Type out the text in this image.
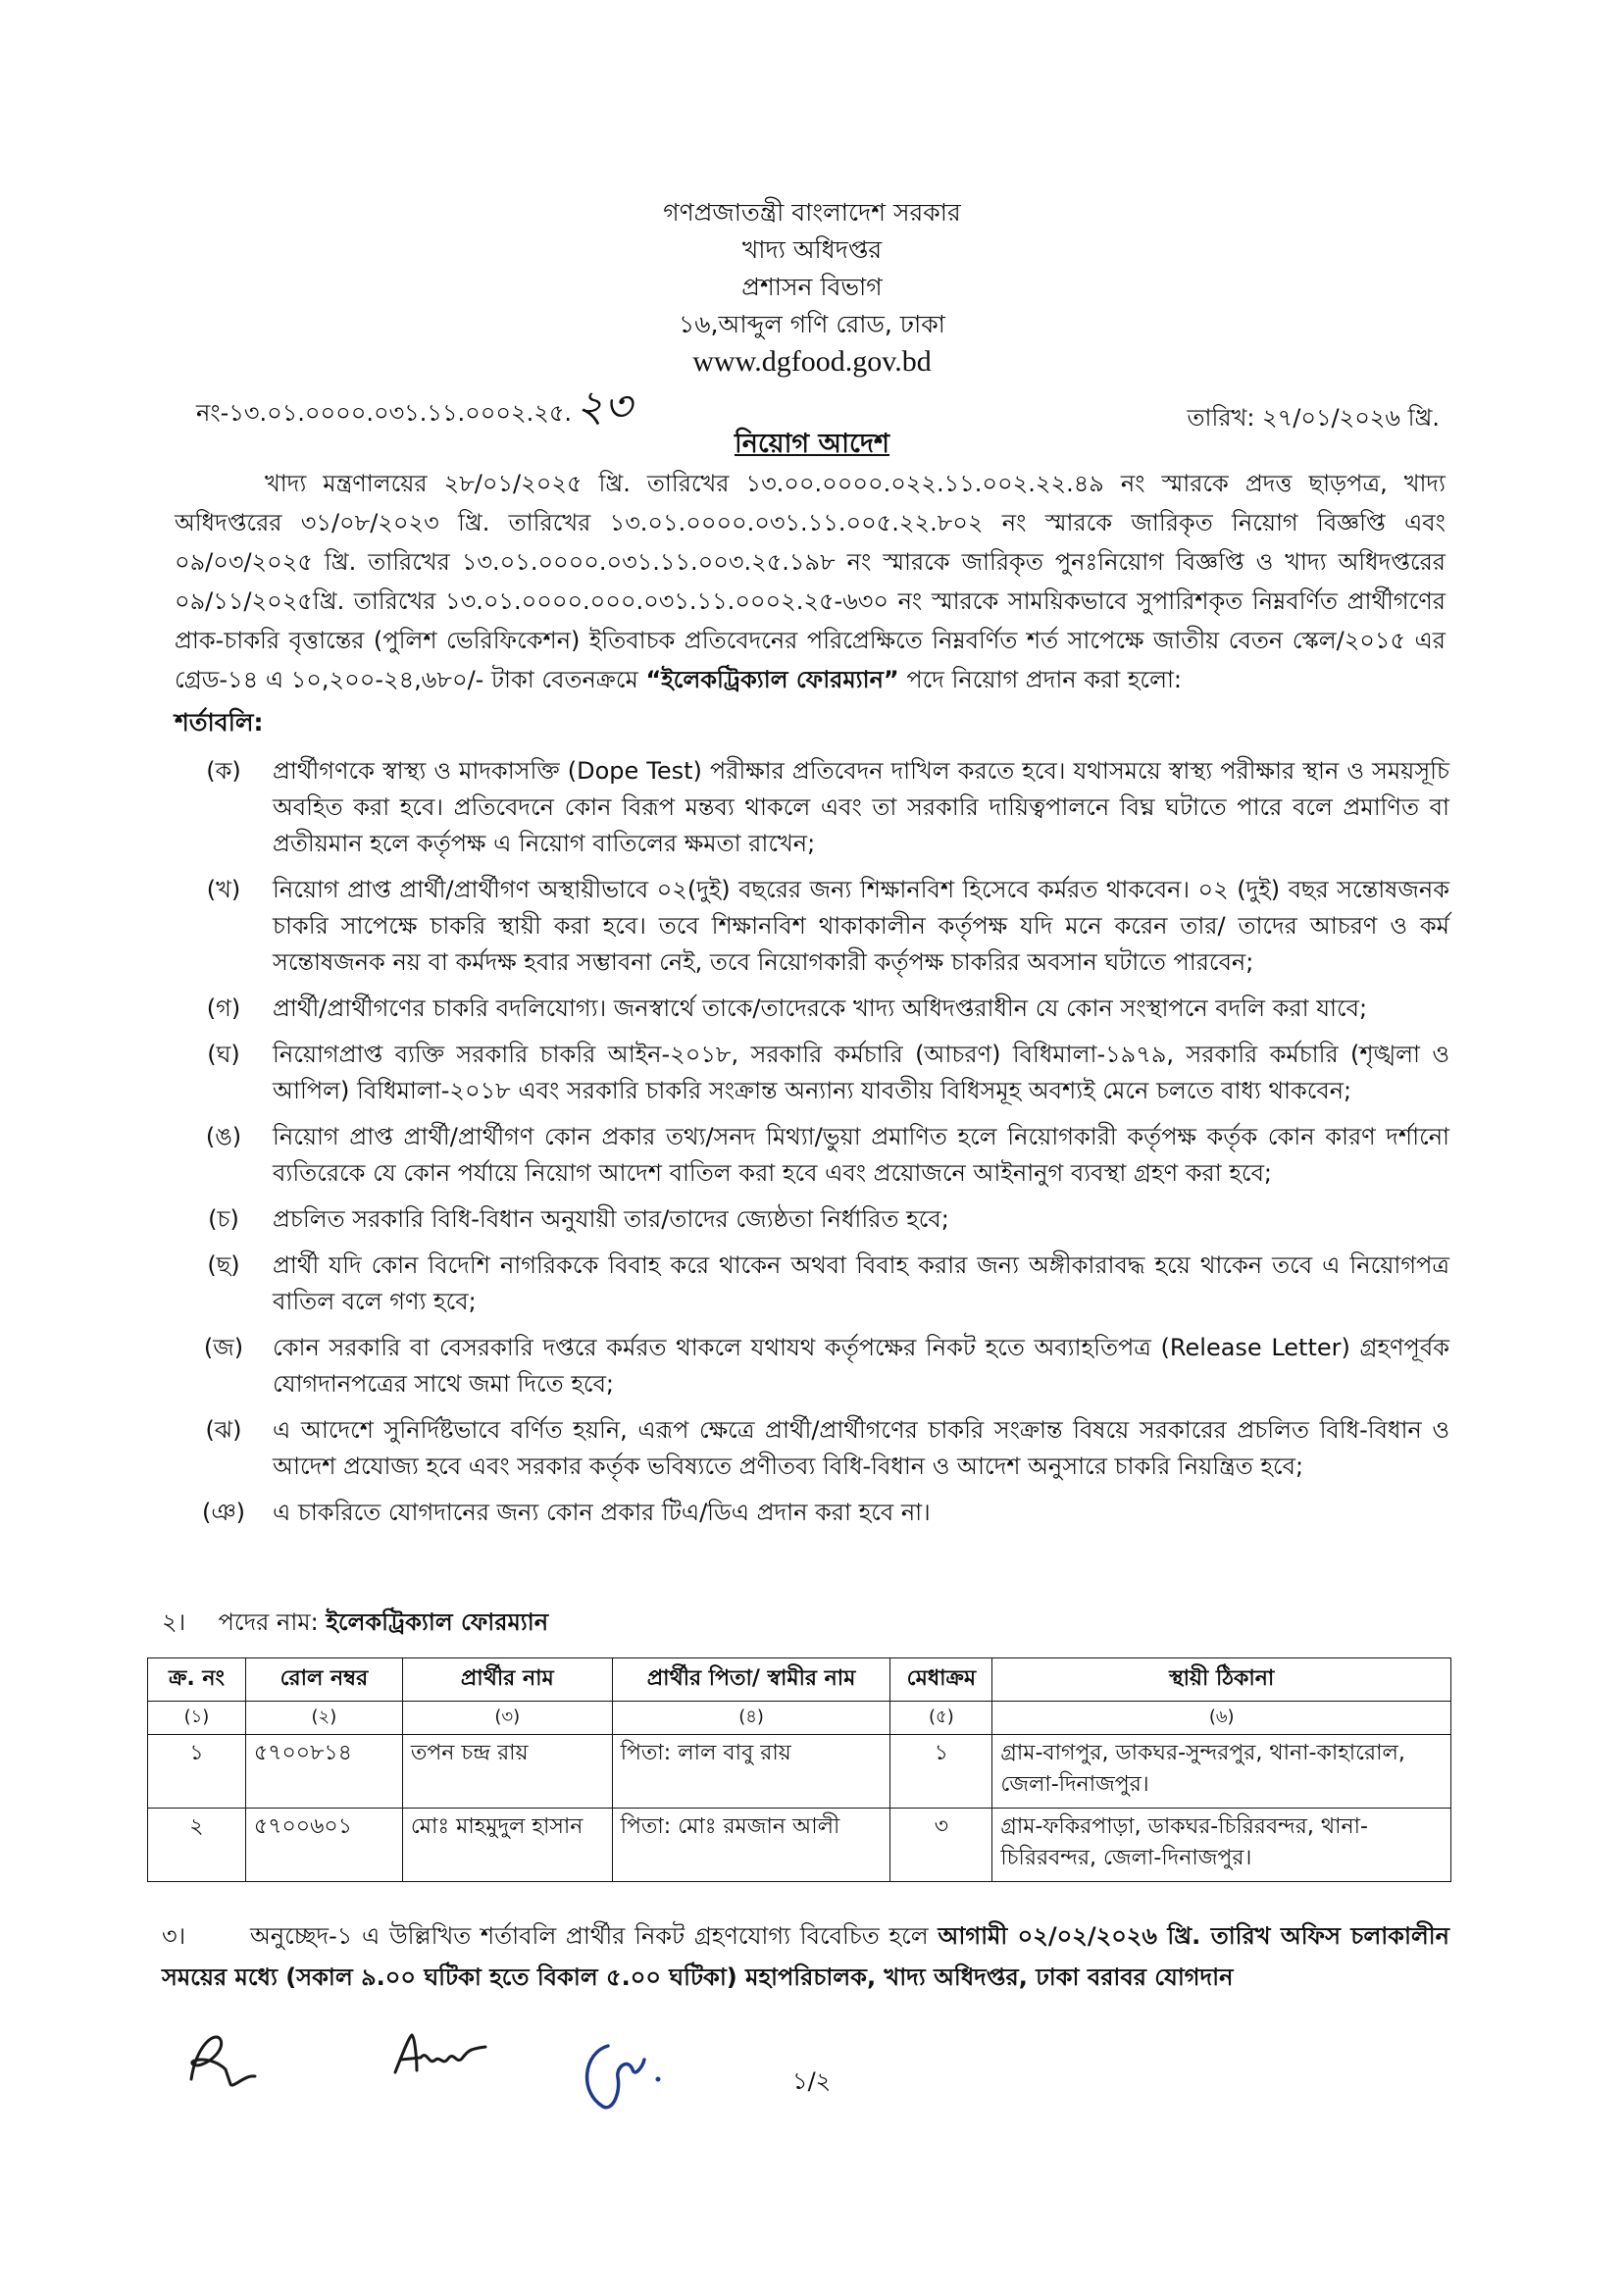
গণপ্রজাতন্ত্রী বাংলাদেশ সরকার
খাদ্য অধিদপ্তর
প্রশাসন বিভাগ
১৬,আব্দুল গণি রোড, ঢাকা
www.dgfood.gov.bd
নং-১৩.০১.০০০০.০৩১.১১.০০০২.২৫.২৩	তারিখ: ২৭/০১/২০২৬ খ্রি.
নিয়োগ আদেশ
খাদ্য মন্ত্রণালয়ের ২৮/০১/২০২৫ খ্রি. তারিখের ১৩.০০.০০০০.০২২.১১.০০২.২২.৪৯ নং স্মারকে প্রদত্ত ছাড়পত্র, খাদ্য অধিদপ্তরের ৩১/০৮/২০২৩ খ্রি. তারিখের ১৩.০১.০০০০.০৩১.১১.০০৫.২২.৮০২ নং স্মারকে জারিকৃত নিয়োগ বিজ্ঞপ্তি এবং ০৯/০৩/২০২৫ খ্রি. তারিখের ১৩.০১.০০০০.০৩১.১১.০০৩.২৫.১৯৮ নং স্মারকে জারিকৃত পুনঃনিয়োগ বিজ্ঞপ্তি ও খাদ্য অধিদপ্তরের ০৯/১১/২০২৫খ্রি. তারিখের ১৩.০১.০০০০.০০০.০৩১.১১.০০০২.২৫-৬৩০ নং স্মারকে সাময়িকভাবে সুপারিশকৃত নিম্নবর্ণিত প্রার্থীগণের প্রাক-চাকরি বৃত্তান্তের (পুলিশ ভেরিফিকেশন) ইতিবাচক প্রতিবেদনের পরিপ্রেক্ষিতে নিম্নবর্ণিত শর্ত সাপেক্ষে জাতীয় বেতন স্কেল/২০১৫ এর গ্রেড-১৪ এ ১০,২০০-২৪,৬৮০/- টাকা বেতনক্রমে “ইলেকট্রিক্যাল ফোরম্যান” পদে নিয়োগ প্রদান করা হলো:
শর্তাবলি:
(ক)	প্রার্থীগণকে স্বাস্থ্য ও মাদকাসক্তি (Dope Test) পরীক্ষার প্রতিবেদন দাখিল করতে হবে। যথাসময়ে স্বাস্থ্য পরীক্ষার স্থান ও সময়সূচি অবহিত করা হবে। প্রতিবেদনে কোন বিরূপ মন্তব্য থাকলে এবং তা সরকারি দায়িত্বপালনে বিঘ্ন ঘটাতে পারে বলে প্রমাণিত বা প্রতীয়মান হলে কর্তৃপক্ষ এ নিয়োগ বাতিলের ক্ষমতা রাখেন;
(খ)	নিয়োগ প্রাপ্ত প্রার্থী/প্রার্থীগণ অস্থায়ীভাবে ০২(দুই) বছরের জন্য শিক্ষানবিশ হিসেবে কর্মরত থাকবেন। ০২ (দুই) বছর সন্তোষজনক চাকরি সাপেক্ষে চাকরি স্থায়ী করা হবে। তবে শিক্ষানবিশ থাকাকালীন কর্তৃপক্ষ যদি মনে করেন তার/ তাদের আচরণ ও কর্ম সন্তোষজনক নয় বা কর্মদক্ষ হবার সম্ভাবনা নেই, তবে নিয়োগকারী কর্তৃপক্ষ চাকরির অবসান ঘটাতে পারবেন;
(গ)	প্রার্থী/প্রার্থীগণের চাকরি বদলিযোগ্য। জনস্বার্থে তাকে/তাদেরকে খাদ্য অধিদপ্তরাধীন যে কোন সংস্থাপনে বদলি করা যাবে;
(ঘ)	নিয়োগপ্রাপ্ত ব্যক্তি সরকারি চাকরি আইন-২০১৮, সরকারি কর্মচারি (আচরণ) বিধিমালা-১৯৭৯, সরকারি কর্মচারি (শৃঙ্খলা ও আপিল) বিধিমালা-২০১৮ এবং সরকারি চাকরি সংক্রান্ত অন্যান্য যাবতীয় বিধিসমূহ অবশ্যই মেনে চলতে বাধ্য থাকবেন;
(ঙ)	নিয়োগ প্রাপ্ত প্রার্থী/প্রার্থীগণ কোন প্রকার তথ্য/সনদ মিথ্যা/ভুয়া প্রমাণিত হলে নিয়োগকারী কর্তৃপক্ষ কর্তৃক কোন কারণ দর্শানো ব্যতিরেকে যে কোন পর্যায়ে নিয়োগ আদেশ বাতিল করা হবে এবং প্রয়োজনে আইনানুগ ব্যবস্থা গ্রহণ করা হবে;
(চ)	প্রচলিত সরকারি বিধি-বিধান অনুযায়ী তার/তাদের জ্যেষ্ঠতা নির্ধারিত হবে;
(ছ)	প্রার্থী যদি কোন বিদেশি নাগরিককে বিবাহ করে থাকেন অথবা বিবাহ করার জন্য অঙ্গীকারাবদ্ধ হয়ে থাকেন তবে এ নিয়োগপত্র বাতিল বলে গণ্য হবে;
(জ)	কোন সরকারি বা বেসরকারি দপ্তরে কর্মরত থাকলে যথাযথ কর্তৃপক্ষের নিকট হতে অব্যাহতিপত্র (Release Letter) গ্রহণপূর্বক যোগদানপত্রের সাথে জমা দিতে হবে;
(ঝ)	এ আদেশে সুনির্দিষ্টভাবে বর্ণিত হয়নি, এরূপ ক্ষেত্রে প্রার্থী/প্রার্থীগণের চাকরি সংক্রান্ত বিষয়ে সরকারের প্রচলিত বিধি-বিধান ও আদেশ প্রযোজ্য হবে এবং সরকার কর্তৃক ভবিষ্যতে প্রণীতব্য বিধি-বিধান ও আদেশ অনুসারে চাকরি নিয়ন্ত্রিত হবে;
(ঞ)	এ চাকরিতে যোগদানের জন্য কোন প্রকার টিএ/ডিএ প্রদান করা হবে না।
২। পদের নাম: ইলেকট্রিক্যাল ফোরম্যান
ক্র. নং	রোল নম্বর	প্রার্থীর নাম	প্রার্থীর পিতা/ স্বামীর নাম	মেধাক্রম	স্থায়ী ঠিকানা
(১)	(২)	(৩)	(৪)	(৫)	(৬)
১	৫৭০০৮১৪	তপন চন্দ্র রায়	পিতা: লাল বাবু রায়	১	গ্রাম-বাগপুর, ডাকঘর-সুন্দরপুর, থানা-কাহারোল, জেলা-দিনাজপুর।
২	৫৭০০৬০১	মোঃ মাহমুদুল হাসান	পিতা: মোঃ রমজান আলী	৩	গ্রাম-ফকিরপাড়া, ডাকঘর-চিরিরবন্দর, থানা-চিরিরবন্দর, জেলা-দিনাজপুর।
৩।	অনুচ্ছেদ-১ এ উল্লিখিত শর্তাবলি প্রার্থীর নিকট গ্রহণযোগ্য বিবেচিত হলে আগামী ০২/০২/২০২৬ খ্রি. তারিখ অফিস চলাকালীন সময়ের মধ্যে (সকাল ৯.০০ ঘটিকা হতে বিকাল ৫.০০ ঘটিকা) মহাপরিচালক, খাদ্য অধিদপ্তর, ঢাকা বরাবর যোগদান
১/২
